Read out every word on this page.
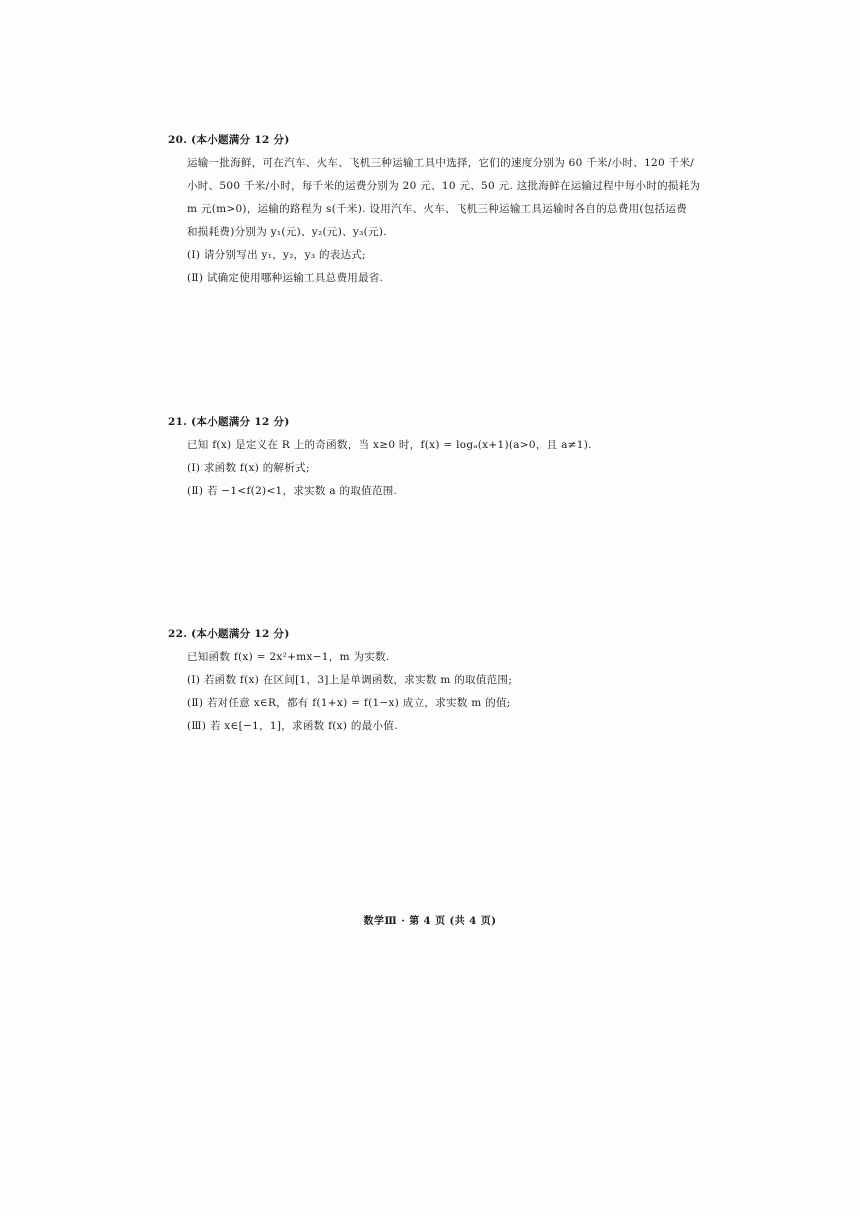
20. (本小题满分 12 分)
运输一批海鲜，可在汽车、火车、飞机三种运输工具中选择，它们的速度分别为 60 千米/小时、120 千米/
小时、500 千米/小时，每千米的运费分别为 20 元、10 元、50 元. 这批海鲜在运输过程中每小时的损耗为
m 元(m>0)，运输的路程为 s(千米). 设用汽车、火车、飞机三种运输工具运输时各自的总费用(包括运费
和损耗费)分别为 y₁(元)、y₂(元)、y₃(元).
(Ⅰ) 请分别写出 y₁，y₂，y₃ 的表达式;
(Ⅱ) 试确定使用哪种运输工具总费用最省.
21. (本小题满分 12 分)
已知 f(x) 是定义在 R 上的奇函数，当 x≥0 时，f(x) = logₐ(x+1)(a>0，且 a≠1).
(Ⅰ) 求函数 f(x) 的解析式;
(Ⅱ) 若 −1<f(2)<1，求实数 a 的取值范围.
22. (本小题满分 12 分)
已知函数 f(x) = 2x²+mx−1，m 为实数.
(Ⅰ) 若函数 f(x) 在区间[1，3]上是单调函数，求实数 m 的取值范围;
(Ⅱ) 若对任意 x∈R，都有 f(1+x) = f(1−x) 成立，求实数 m 的值;
(Ⅲ) 若 x∈[−1，1]，求函数 f(x) 的最小值.
数学Ⅲ · 第 4 页 (共 4 页)
